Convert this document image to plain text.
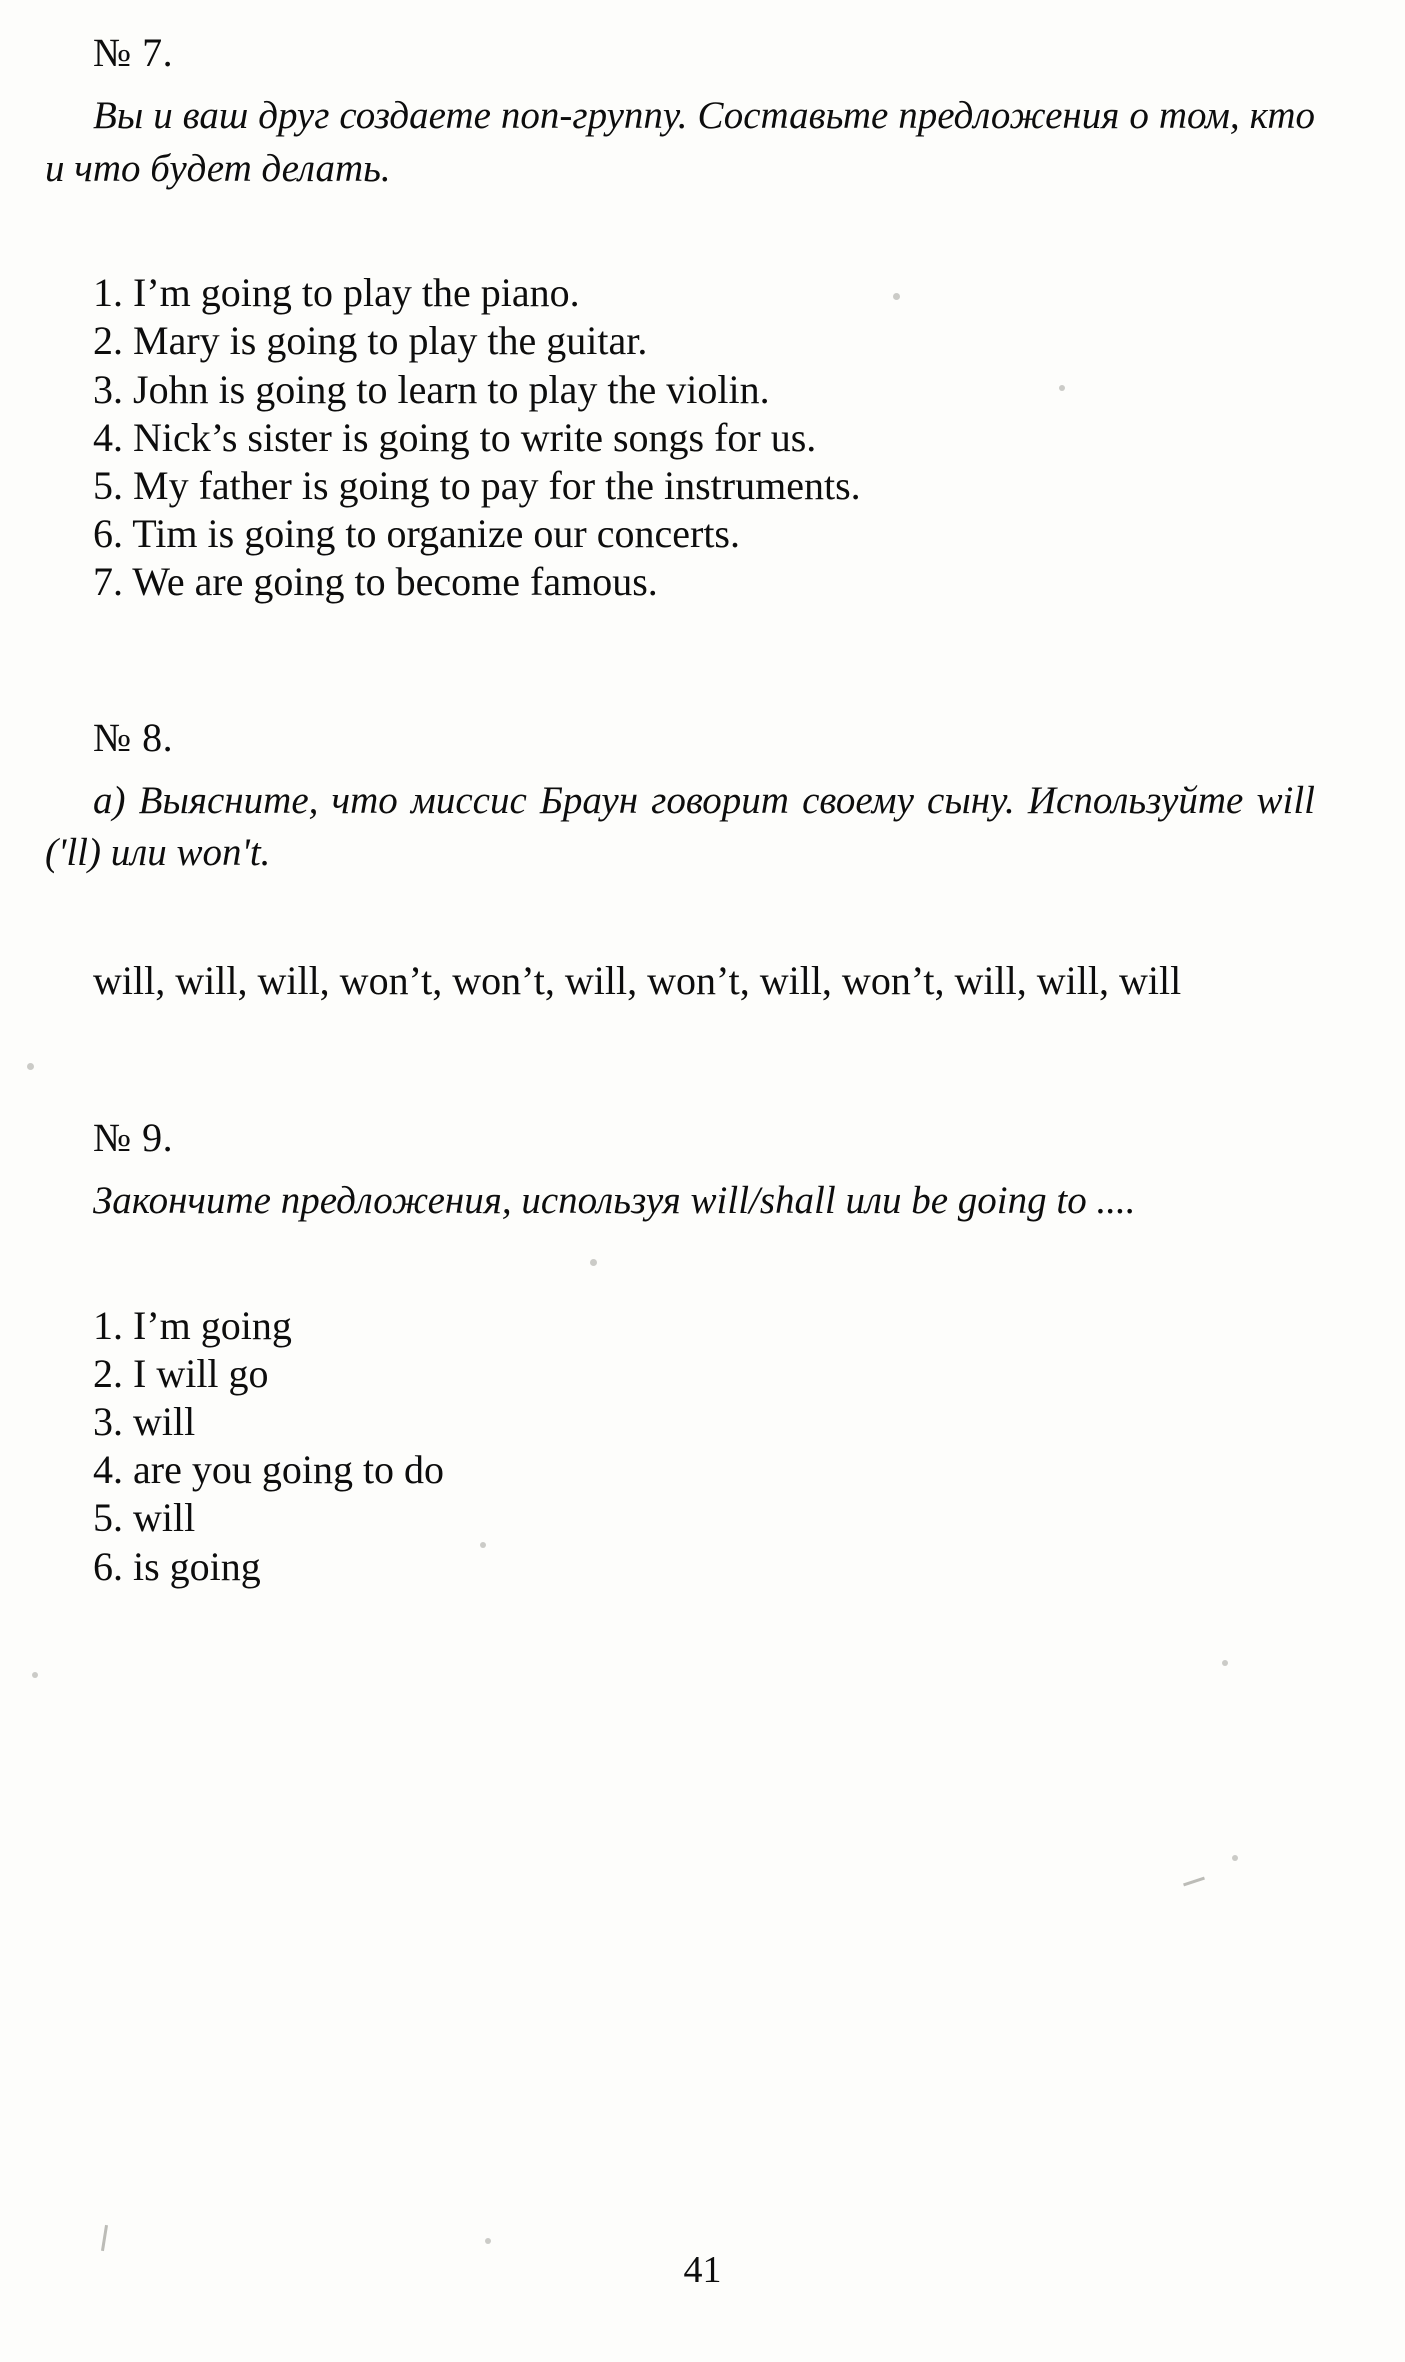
№ 7.
Вы и ваш друг создаете поп-группу. Составьте предложения о том, кто и что будет делать.
1. I’m going to play the piano.
2. Mary is going to play the guitar.
3. John is going to learn to play the violin.
4. Nick’s sister is going to write songs for us.
5. My father is going to pay for the instruments.
6. Tim is going to organize our concerts.
7. We are going to become famous.
№ 8.
а) Выясните, что миссис Браун говорит своему сыну. Используйте will ('ll) или won't.
will, will, will, won’t, won’t, will, won’t, will, won’t, will, will, will
№ 9.
Закончите предложения, используя will/shall или be going to ....
1. I’m going
2. I will go
3. will
4. are you going to do
5. will
6. is going
41
